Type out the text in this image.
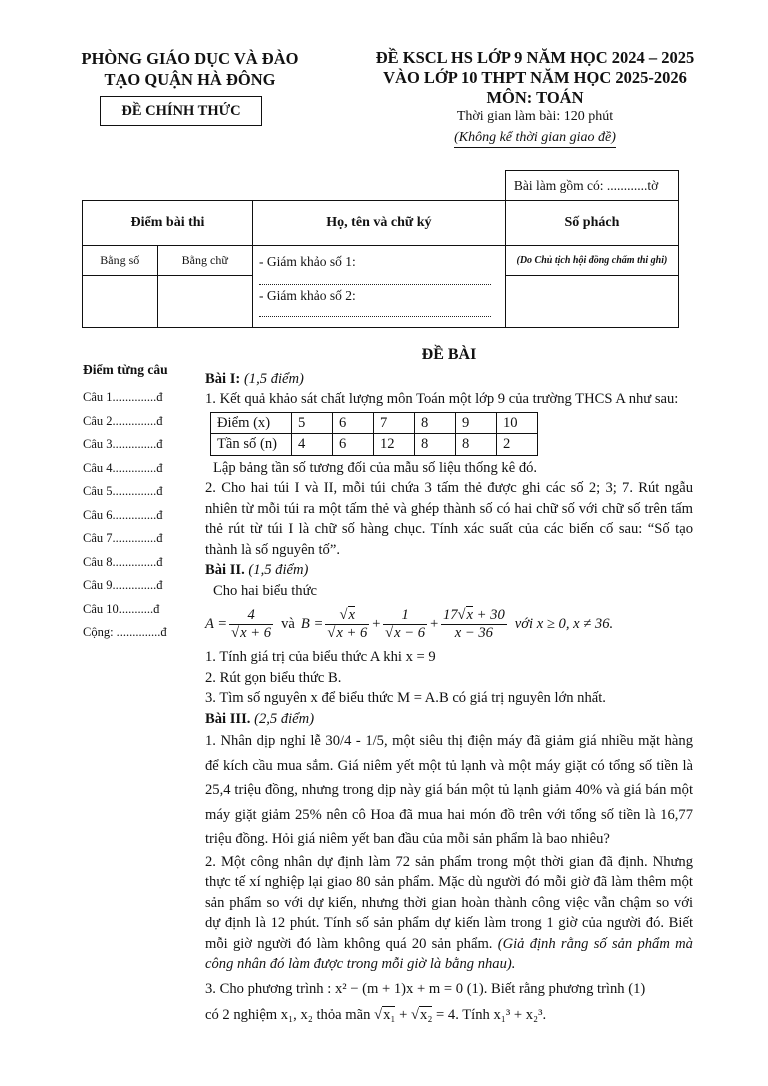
PHÒNG GIÁO DỤC VÀ ĐÀO
TẠO QUẬN HÀ ĐÔNG
ĐỀ CHÍNH THỨC
ĐỀ KSCL HS LỚP 9 NĂM HỌC 2024 – 2025
VÀO LỚP 10 THPT NĂM HỌC 2025-2026
MÔN: TOÁN
Thời gian làm bài: 120 phút
(Không kể thời gian giao đề)
			Bài làm gồm có: ............tờ
Điểm bài thi		Họ, tên và chữ ký	Số phách
Bằng số	Bằng chữ	- Giám khảo số 1:
- Giám khảo số 2:	(Do Chủ tịch hội đồng chấm thi ghi)

Điểm từng câu
Câu 1..............đ
Câu 2..............đ
Câu 3..............đ
Câu 4..............đ
Câu 5..............đ
Câu 6..............đ
Câu 7..............đ
Câu 8..............đ
Câu 9..............đ
Câu 10...........đ
Cộng: ..............đ
ĐỀ BÀI

Bài I: (1,5 điểm)

1. Kết quả khảo sát chất lượng môn Toán một lớp 9 của trường THCS A như sau:

Điểm (x)	5	6	7	8	9	10
Tần số (n)	4	6	12	8	8	2

Lập bảng tần số tương đối của mẫu số liệu thống kê đó.

2. Cho hai túi I và II, mỗi túi chứa 3 tấm thẻ được ghi các số 2; 3; 7. Rút ngẫu nhiên từ mỗi túi ra một tấm thẻ và ghép thành số có hai chữ số với chữ số trên tấm thẻ rút từ túi I là chữ số hàng chục. Tính xác suất của các biến cố sau: “Số tạo thành là số nguyên tố”.

Bài II. (1,5 điểm)

Cho hai biểu thức

$A = \frac{4}{√x + 6}$ và $B = \frac{√x}{√x + 6} + \frac{1}{√x - 6} + \frac{17√x + 30}{x - 36}$ với x ≥ 0, x ≠ 36.

1. Tính giá trị của biểu thức A khi x = 9

2. Rút gọn biểu thức B.

3. Tìm số nguyên x để biểu thức M = A.B có giá trị nguyên lớn nhất.

Bài III. (2,5 điểm)

1. Nhân dịp nghỉ lễ 30/4 - 1/5, một siêu thị điện máy đã giảm giá nhiều mặt hàng để kích cầu mua sắm. Giá niêm yết một tủ lạnh và một máy giặt có tổng số tiền là 25,4 triệu đồng, nhưng trong dịp này giá bán một tủ lạnh giảm 40% và giá bán một máy giặt giảm 25% nên cô Hoa đã mua hai món đồ trên với tổng số tiền là 16,77 triệu đồng. Hỏi giá niêm yết ban đầu của mỗi sản phẩm là bao nhiêu?

2. Một công nhân dự định làm 72 sản phẩm trong một thời gian đã định. Nhưng thực tế xí nghiệp lại giao 80 sản phẩm. Mặc dù người đó mỗi giờ đã làm thêm một sản phẩm so với dự kiến, nhưng thời gian hoàn thành công việc vẫn chậm so với dự định là 12 phút. Tính số sản phẩm dự kiến làm trong 1 giờ của người đó. Biết mỗi giờ người đó làm không quá 20 sản phẩm. (Giả định rằng số sản phẩm mà công nhân đó làm được trong mỗi giờ là bằng nhau).

3. Cho phương trình : x² − (m + 1)x + m = 0 (1). Biết rằng phương trình (1)

có 2 nghiệm x₁, x₂ thỏa mãn √x₁ + √x₂ = 4. Tính x₁³ + x₂³.
